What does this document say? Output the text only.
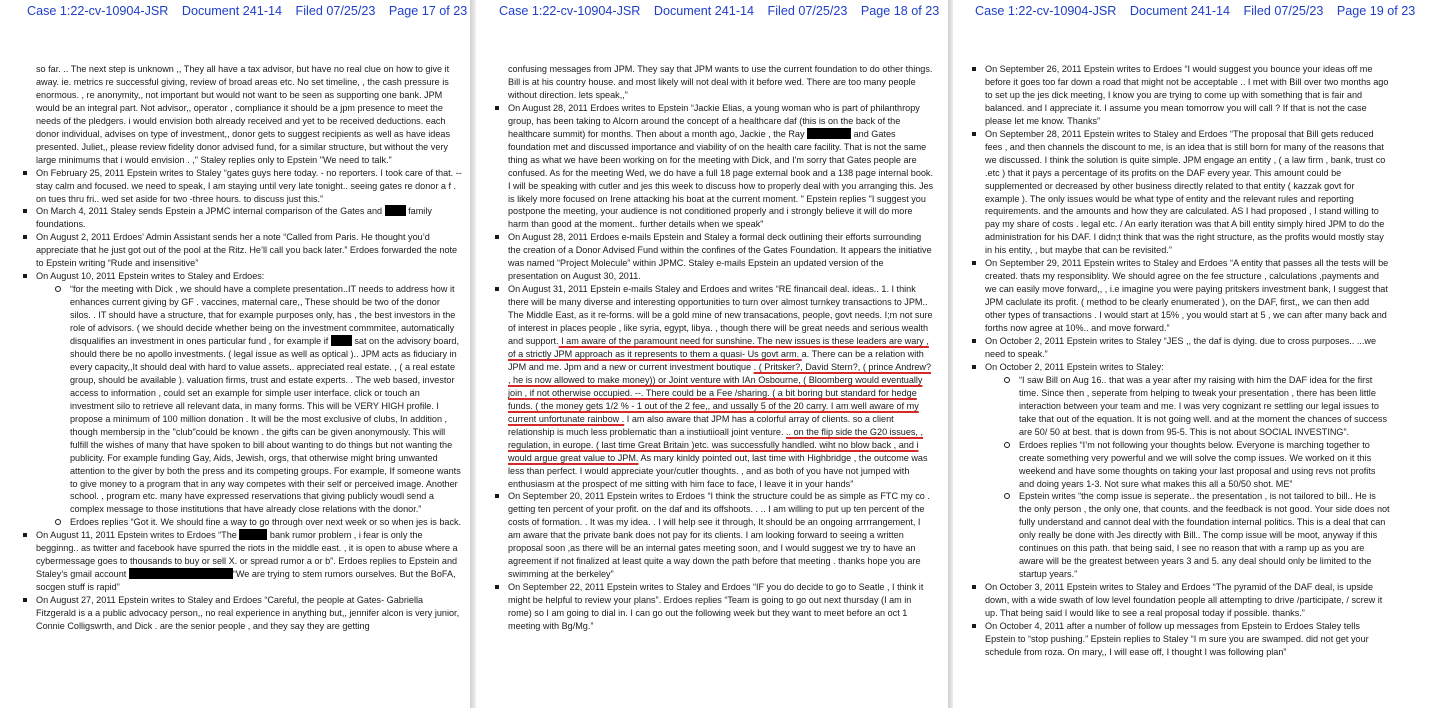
Case 1:22-cv-10904-JSR Document 241-14 Filed 07/25/23 Page 17 of 23

so far. .. The next step is unknown ,, They all have a tax advisor, but have no real clue on how to give it away. ie. metrics re successful giving, review of broad areas etc. No set timeline, , the cash pressure is enormous. , re anonymity,, not important but would not want to be seen as supporting one bank. JPM would be an integral part. Not advisor,, operator , compliance it should be a jpm presence to meet the needs of the pledgers. i would envision both already received and yet to be received deductions. each donor individual, advises on type of investment,, donor gets to suggest recipients as well as have ideas presented. Juliet,, please review fidelity donor advised fund, for a similar structure, but without the very large minimums that i would envision . ," Staley replies only to Epstein "We need to talk."

On February 25, 2011 Epstein writes to Staley “gates guys here today. - no reporters. I took care of that. -- stay calm and focused. we need to speak, I am staying until very late tonight.. seeing gates re donor a f . on tues thru fri.. wed set aside for two -three hours. to discuss just this.”
On March 4, 2011 Staley sends Epstein a JPMC internal comparison of the Gates and  family foundations.
On August 2, 2011 Erdoes’ Admin Assistant sends her a note “Called from Paris. He thought you’d appreciate that he just got out of the pool at the Ritz. He’ll call you back later.” Erdoes forwarded the note to Epstein writing “Rude and insensitive”
On August 10, 2011 Epstein writes to Staley and Erdoes:
“for the meeting with Dick , we should have a complete presentation..IT needs to address how it enhances current giving by GF . vaccines, maternal care,, These should be two of the donor silos. . IT should have a structure, that for example purposes only, has , the best investors in the role of advisors. ( we should decide whether being on the investment commmitee, automatically disqualifies an investment in ones particular fund , for example if  sat on the advisory board, should there be no apollo investments. ( legal issue as well as optical ).. JPM acts as fiduciary in every capacity,,It should deal with hard to value assets.. appreciated real estate. , ( a real estate group, should be available ). valuation firms, trust and estate experts. . The web based, investor access to information , could set an example for simple user interface. click or touch an investment silo to retrieve all relevant data, in many forms. This will be VERY HIGH profile. I propose a minimum of 100 million donation . It will be the most exclusive of clubs, In addition , though membersip in the "club"could be known . the gifts can be given anonymously. This will fulfill the wishes of many that have spoken to bill about wanting to do things but not wanting the publicity. For example funding Gay, Aids, Jewish, orgs, that otherwise might bring unwanted attention to the giver by both the press and its competing groups. For example, If someone wants to give money to a program that in any way competes with their self or perceived image. Another school. , program etc. many have expressed reservations that giving publicly woudl send a complex message to those institutions that have already close relations with the donor.”
Erdoes replies “Got it. We should fine a way to go through over next week or so when jes is back.
On August 11, 2011 Epstein writes to Erdoes “The	bank rumor problem , i fear is only the begginng.. as twitter and facebook have spurred the riots in the middle east. , it is open to abuse where a cybermessage goes to thousands to buy or sell X. or spread rumor a or b”. Erdoes replies to Epstein and Staley’s gmail account	“We are trying to stem rumors ourselves. But the BoFA, socgen stuff is rapid”
On August 27, 2011 Epstein writes to Staley and Erdoes “Careful, the people at Gates- Gabriella Fitzgerald is a a public advocacy person,, no real experience in anything but,, jennifer alcon is very junior, Connie Colligswrth, and Dick . are the senior people , and they say they are getting
Case 1:22-cv-10904-JSR Document 241-14 Filed 07/25/23 Page 18 of 23

confusing messages from JPM. They say that JPM wants to use the current foundation to do other things. Bill is at his country house. and most likely will not deal with it before wed. There are too many people without direction. lets speak,,”

On August 28, 2011 Erdoes writes to Epstein “Jackie Elias, a young woman who is part of philanthropy group, has been taking to Alcorn around the concept of a healthcare daf (this is on the back of the healthcare summit) for months. Then about a month ago, Jackie , the Ray	and Gates foundation met and discussed importance and viability of on the health care facility. That is not the same thing as what we have been working on for the meeting with Dick, and I'm sorry that Gates people are confused. As for the meeting Wed, we do have a full 18 page external book and a 138 page internal book. I will be speaking with cutler and jes this week to discuss how to properly deal with you arranging this. Jes is likely more focused on Irene attacking his boat at the current moment. " Epstein replies "I suggest you postpone the meeting, your audience is not conditioned properly and i strongly believe it will do more harm than good at the moment.. further details when we speak"
On August 28, 2011 Erdoes e-mails Epstein and Staley a formal deck outlining their efforts surrounding the creation of a Donor Advised Fund within the confines of the Gates Foundation. It appears the initiative was named “Project Molecule” within JPMC. Staley e-mails Epstein an updated version of the presentation on August 30, 2011.
On August 31, 2011 Epstein e-mails Staley and Erdoes and writes “RE financail deal. ideas.. 1. I think there will be many diverse and interesting opportunities to turn over almost turnkey transactions to JPM.. The Middle East, as it re-forms. will be a gold mine of new transacations, people, govt needs. I;m not sure of interest in places people , like syria, egypt, libya. , though there will be great needs and serious wealth and support. I am aware of the paramount need for sunshine. The new issues is these leaders are wary , of a strictly JPM approach as it represents to them a quasi- Us govt arm. a. There can be a relation with JPM and me. Jpm and a new or current investment boutique . ( Pritsker?, David Stern?, ( prince Andrew? , he is now allowed to make money)) or Joint venture with IAn Osbourne, ( Bloomberg would eventually join , if not otherwise occupied. --. There could be a Fee /sharing. ( a bit boring but standard for hedge funds. ( the money gets 1/2 % - 1 out of the 2 fee,, and ussally 5 of the 20 carry. I am well aware of my current unfortunate rainbow . I am also aware that JPM has a colorful array of clients. so a client relationship is much less problematic than a instiutiioall joint venture. .. on the flip side the G20 issues, , regulation, in europe. ( last time Great Britain )etc. was successfully handled. wiht no blow back , and i would argue great value to JPM. As mary kinldy pointed out, last time with Highbridge , the outcome was less than perfect. I would appreciate your/cutler thoughts. , and as both of you have not jumped with enthusiasm at the prospect of me sitting with him face to face, I leave it in your hands”
On September 20, 2011 Epstein writes to Erdoes “I think the structure could be as simple as FTC my co . getting ten percent of your profit. on the daf and its offshoots. . .. I am willing to put up ten percent of the costs of formation. . It was my idea. . I will help see it through, It should be an ongoing arrrrangement, I am aware that the private bank does not pay for its clients. I am looking forward to seeing a written proposal soon ,as there will be an internal gates meeting soon, and I would suggest we try to have an agreement if not finalized at least quite a way down the path before that meeting . thanks hope you are swimming at the berkeley”
On September 22, 2011 Epstein writes to Staley and Erdoes “IF you do decide to go to Seatle , I think it might be helpful to review your plans”. Erdoes replies “Team is going to go out next thursday (I am in rome) so I am going to dial in. I can go out the following week but they want to meet before an oct 1 meeting with Bg/Mg.”
Case 1:22-cv-10904-JSR Document 241-14 Filed 07/25/23 Page 19 of 23
On September 26, 2011 Epstein writes to Erdoes “I would suggest you bounce your ideas off me before it goes too far down a road that might not be acceptable .. I met with Bill over two months ago to set up the jes dick meeting, I know you are trying to come up with something that is fair and balanced. and I appreciate it. I assume you mean tomorrow you will call ? If that is not the case please let me know. Thanks”
On September 28, 2011 Epstein writes to Staley and Erdoes “The proposal that Bill gets reduced fees , and then channels the discount to me, is an idea that is still born for many of the reasons that we discussed. I think the solution is quite simple. JPM engage an entity , ( a law firm , bank, trust co .etc ) that it pays a percentage of its profits on the DAF every year. This amount could be supplemented or decreased by other business directly related to that entity ( kazzak govt for example ). The only issues would be what type of entity and the relevant rules and reporting requirements. and the amounts and how they are calculated. AS I had proposed , I stand willing to pay my share of costs . legal etc. / An early iteration was that A bill entity simply hired JPM to do the administration for his DAF. I didn;t think that was the right structure, as the profits would mostly stay in his entity, , but maybe that can be revisited.”
On September 29, 2011 Epstein writes to Staley and Erdoes “A entity that passes all the tests will be created. thats my responsiblity. We should agree on the fee structure , calculations ,payments and we can easily move forward,, , i.e imagine you were paying pritskers investment bank, I suggest that JPM caclulate its profit. ( method to be clearly enumerated ), on the DAF, first,, we can then add other types of transactions . I would start at 15% , you would start at 5 , we can after many back and forths now agree at 10%.. and move forward.”
On October 2, 2011 Epstein writes to Staley “JES ,, the daf is dying. due to cross purposes.. ...we need to speak.”
On October 2, 2011 Epstein writes to Staley:
“I saw Bill on Aug 16.. that was a year after my raising with him the DAF idea for the first time. Since then , seperate from helping to tweak your presentation , there has been little interaction between your team and me. I was very cognizant re settling our legal issues to take that out of the equation. It is not going well. and at the moment the chances of success are 50/ 50 at best. that is down from 95-5. This is not about SOCIAL INVESTING”.
Erdoes replies “I’m not following your thoughts below. Everyone is marching together to create something very powerful and we will solve the comp issues. We worked on it this weekend and have some thoughts on taking your last proposal and using revs not profits and doing years 1-3. Not sure what makes this all a 50/50 shot. ME”
Epstein writes “the comp issue is seperate.. the presentation , is not tailored to bill.. He is the only person , the only one, that counts. and the feedback is not good. Your side does not fully understand and cannot deal with the foundation internal politics. This is a deal that can only really be done with Jes directly with Bill.. The comp issue will be moot, anyway if this continues on this path. that being said, I see no reason that with a ramp up as you are aware will be the greatest between years 3 and 5. any deal should only be limited to the startup years.”
On October 3, 2011 Epstein writes to Staley and Erdoes “The pyramid of the DAF deal, is upside down, with a wide swath of low level foundation people all attempting to drive /participate, / screw it up. That being said I would like to see a real proposal today if possible. thanks.”
On October 4, 2011 after a number of follow up messages from Epstein to Erdoes Staley tells Epstein to “stop pushing.” Epstein replies to Staley “I m sure you are swamped. did not get your schedule from roza. On mary,, I will ease off, I thought I was following plan”
